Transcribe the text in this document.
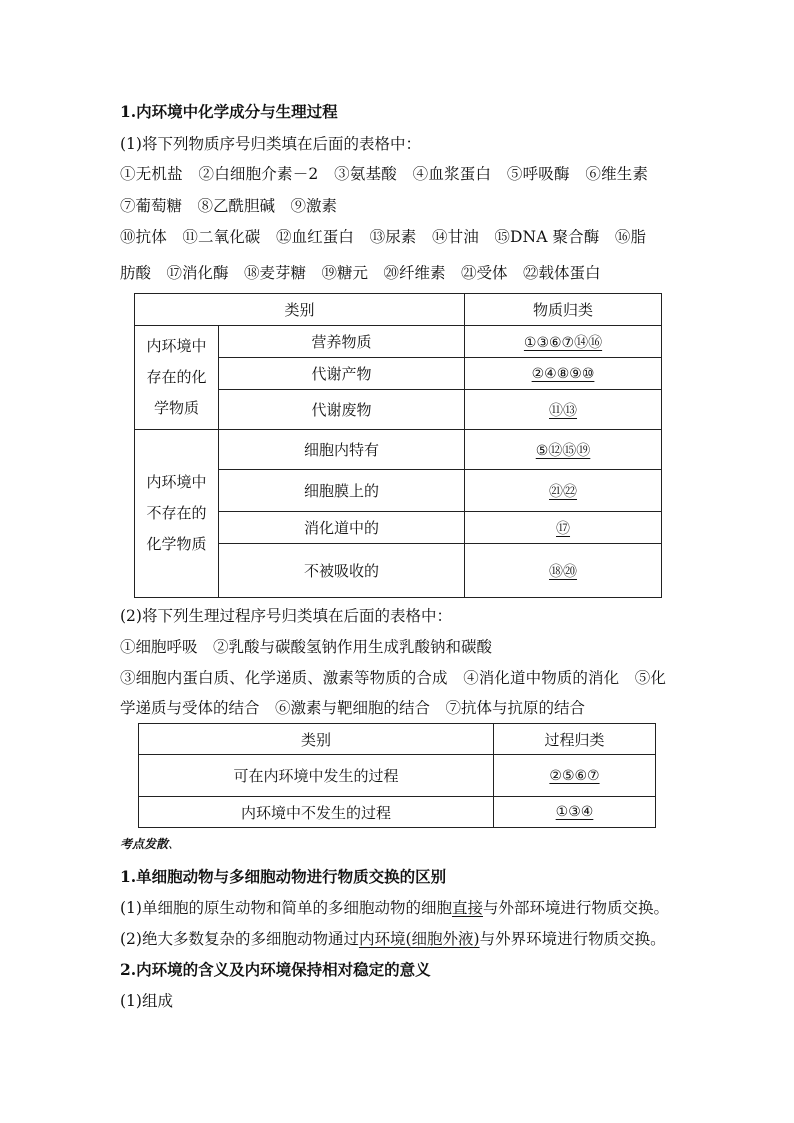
1.内环境中化学成分与生理过程
(1)将下列物质序号归类填在后面的表格中：
①无机盐　②白细胞介素－2　③氨基酸　④血浆蛋白　⑤呼吸酶　⑥维生素
⑦葡萄糖　⑧乙酰胆碱　⑨激素
⑩抗体　⑪二氧化碳　⑫血红蛋白　⑬尿素　⑭甘油　⑮DNA 聚合酶　⑯脂
肪酸　⑰消化酶　⑱麦芽糖　⑲糖元　⑳纤维素　㉑受体　㉒载体蛋白
类别		物质归类
内环境中存在的化学物质	营养物质	①③⑥⑦⑭⑯
	代谢产物	②④⑧⑨⑩
	代谢废物	⑪⑬
内环境中不存在的化学物质	细胞内特有	⑤⑫⑮⑲
	细胞膜上的	㉑㉒
	消化道中的	⑰
	不被吸收的	⑱⑳
(2)将下列生理过程序号归类填在后面的表格中：
①细胞呼吸　②乳酸与碳酸氢钠作用生成乳酸钠和碳酸
③细胞内蛋白质、化学递质、激素等物质的合成　④消化道中物质的消化　⑤化
学递质与受体的结合　⑥激素与靶细胞的结合　⑦抗体与抗原的结合
类别	过程归类
可在内环境中发生的过程	②⑤⑥⑦
内环境中不发生的过程	①③④
考点发散、
1.单细胞动物与多细胞动物进行物质交换的区别
(1)单细胞的原生动物和简单的多细胞动物的细胞直接与外部环境进行物质交换。
(2)绝大多数复杂的多细胞动物通过内环境(细胞外液)与外界环境进行物质交换。
2.内环境的含义及内环境保持相对稳定的意义
(1)组成
